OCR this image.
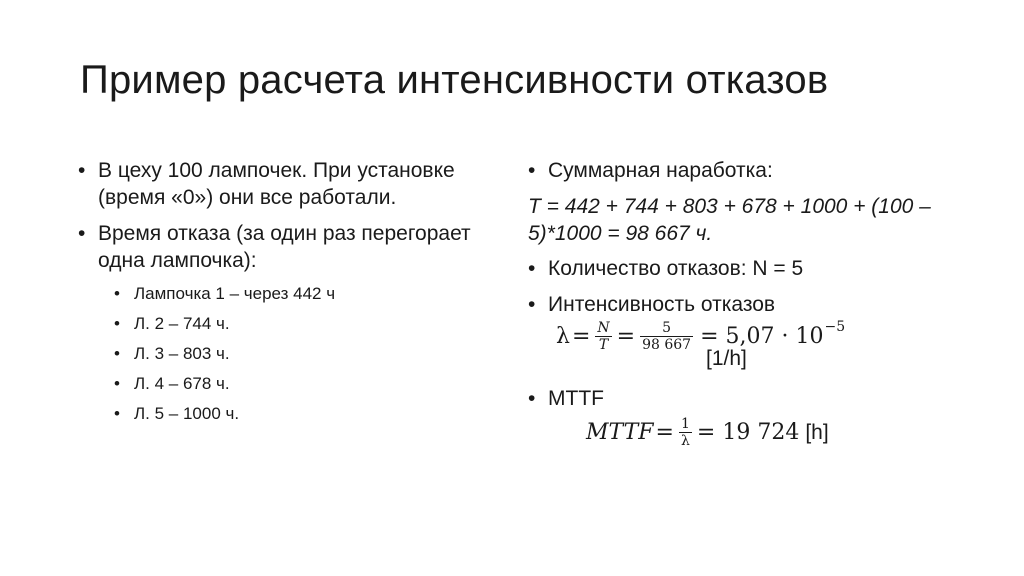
Пример расчета интенсивности отказов
• В цеху 100 лампочек. При установке (время «0») они все работали.
• Время отказа (за один раз перегорает одна лампочка):
• Лампочка 1 – через 442 ч
• Л. 2 – 744 ч.
• Л. 3 – 803 ч.
• Л. 4 – 678 ч.
• Л. 5 – 1000 ч.
• Суммарная наработка:
T = 442 + 744 + 803 + 678 + 1000 + (100 – 5)*1000 = 98 667 ч.
• Количество отказов: N = 5
• Интенсивность отказов
$\lambda = \frac{N}{T} = \frac{5}{98 667} = 5,07 \cdot 10 -5$
[1/h]
• MTTF
MTTF = $\frac{1}{\lambda} = 19$ 724 [h]
